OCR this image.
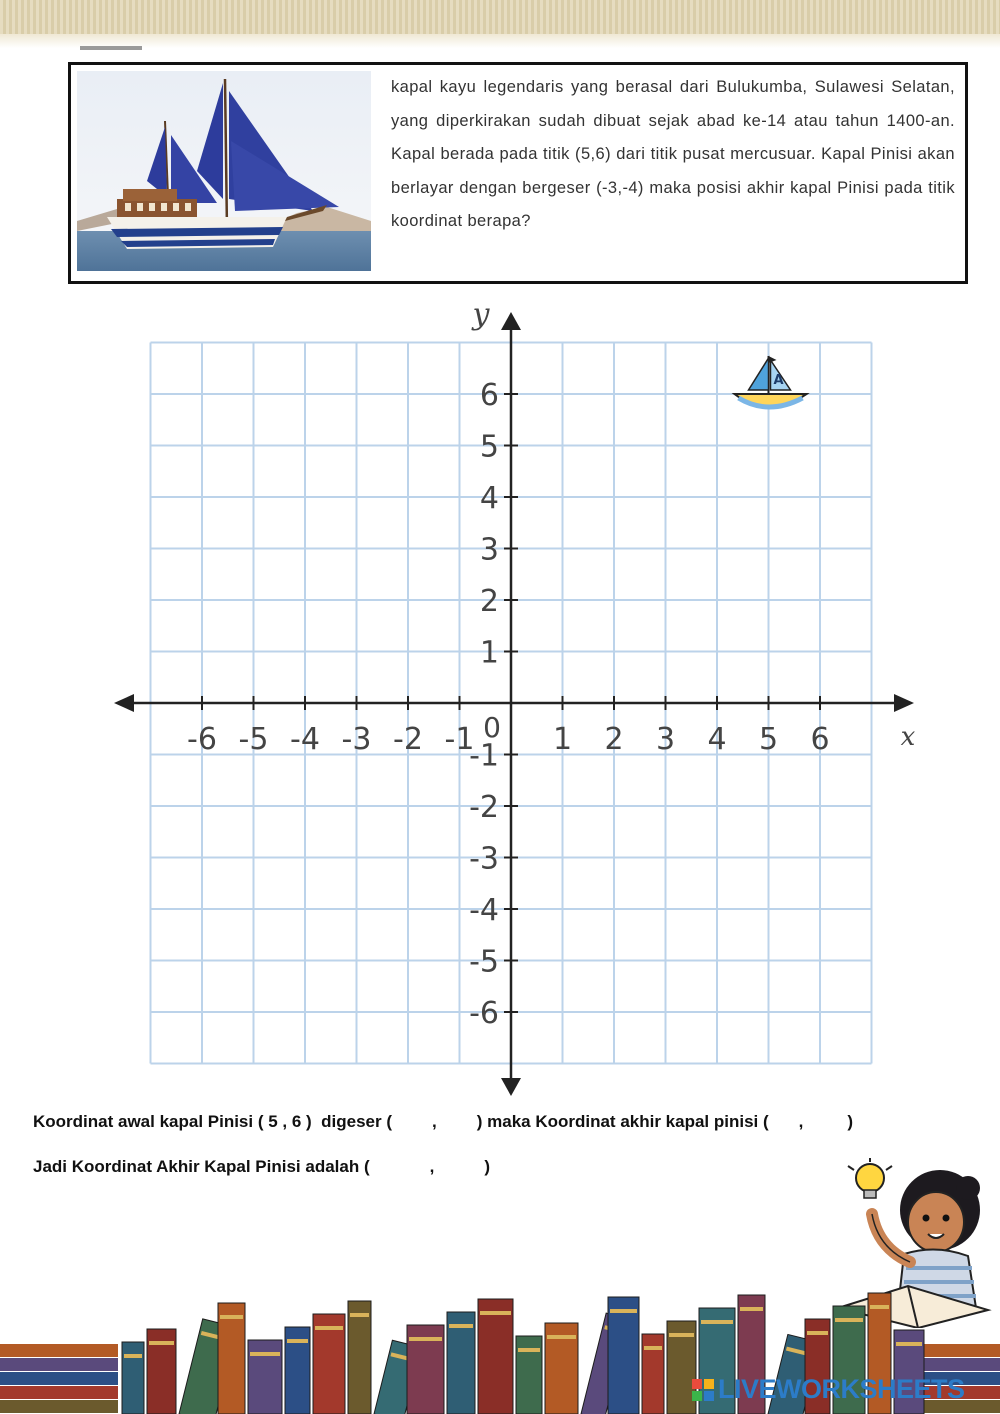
kapal kayu legendaris yang berasal dari Bulukumba, Sulawesi Selatan, yang diperkirakan sudah dibuat sejak abad ke-14 atau tahun 1400-an. Kapal berada pada titik (5,6) dari titik pusat mercusuar. Kapal Pinisi akan berlayar dengan bergeser (-3,-4) maka posisi akhir kapal Pinisi pada titik koordinat berapa?
-6 -5 -4 -3 -2 -1	1 2 3 4 5 6
6
5
4
3
2
1
-1
-2
-3
-4
-5
-6
0	x
y
A
Koordinat awal kapal Pinisi ( 5 , 6 )  digeser ( , ) maka Koordinat akhir kapal pinisi ( ,	)
Jadi Koordinat Akhir Kapal Pinisi adalah (	,	)
LIVEWORKSHEETS
